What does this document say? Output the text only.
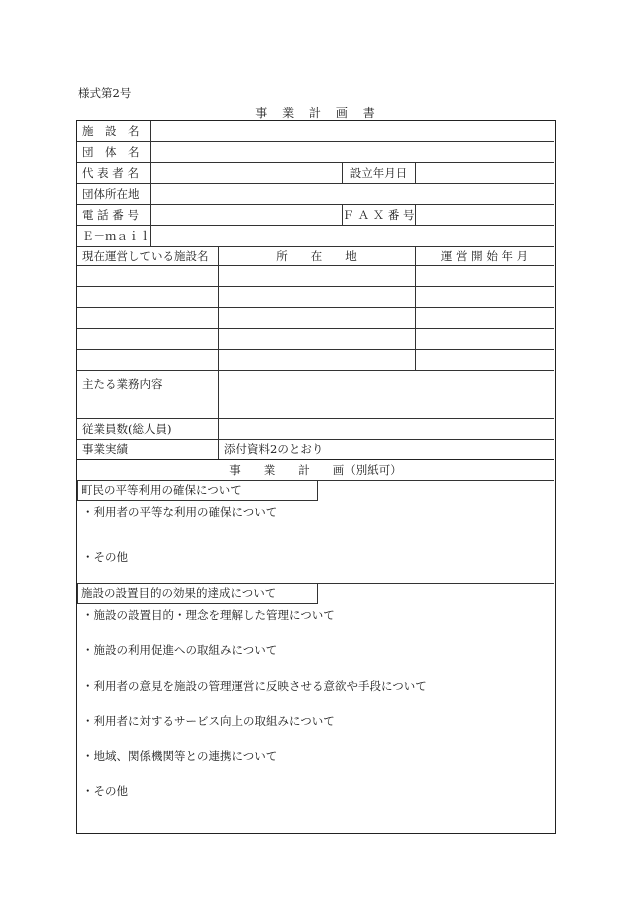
様式第2号
事 業 計 画 書
施　設　名
団　体　名
代 表 者 名	設立年月日
団体所在地
電 話 番 号	Ｆ Ａ Ｘ 番 号
Ｅ－ｍａｉｌ
現在運営している施設名	所　　在　　地	運 営 開 始 年 月
主たる業務内容
従業員数(総人員)
事業実績	添付資料2のとおり
事　　業　　計　　画（別紙可）
町民の平等利用の確保について
・利用者の平等な利用の確保について
・その他
施設の設置目的の効果的達成について
・施設の設置目的・理念を理解した管理について
・施設の利用促進への取組みについて
・利用者の意見を施設の管理運営に反映させる意欲や手段について
・利用者に対するサービス向上の取組みについて
・地域、関係機関等との連携について
・その他
